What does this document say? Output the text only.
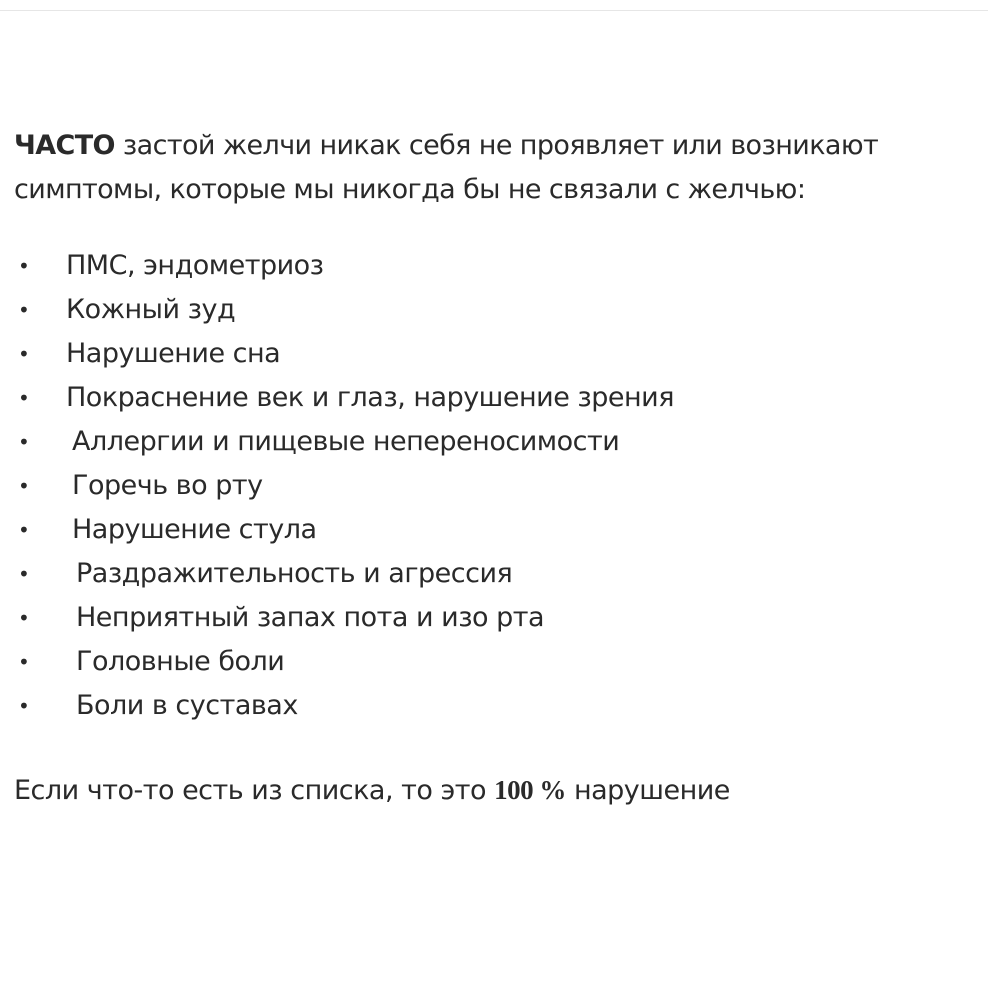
ЧАСТО застой желчи никак себя не проявляет или возникают
симптомы, которые мы никогда бы не связали с желчью:

• ПМС, эндометриоз
• Кожный зуд
• Нарушение сна
• Покраснение век и глаз, нарушение зрения
• Аллергии и пищевые непереносимости
• Горечь во рту
• Нарушение стула
• Раздражительность и агрессия
• Неприятный запах пота и изо рта
• Головные боли
• Боли в суставах

Если что-то есть из списка, то это 100 % нарушение
